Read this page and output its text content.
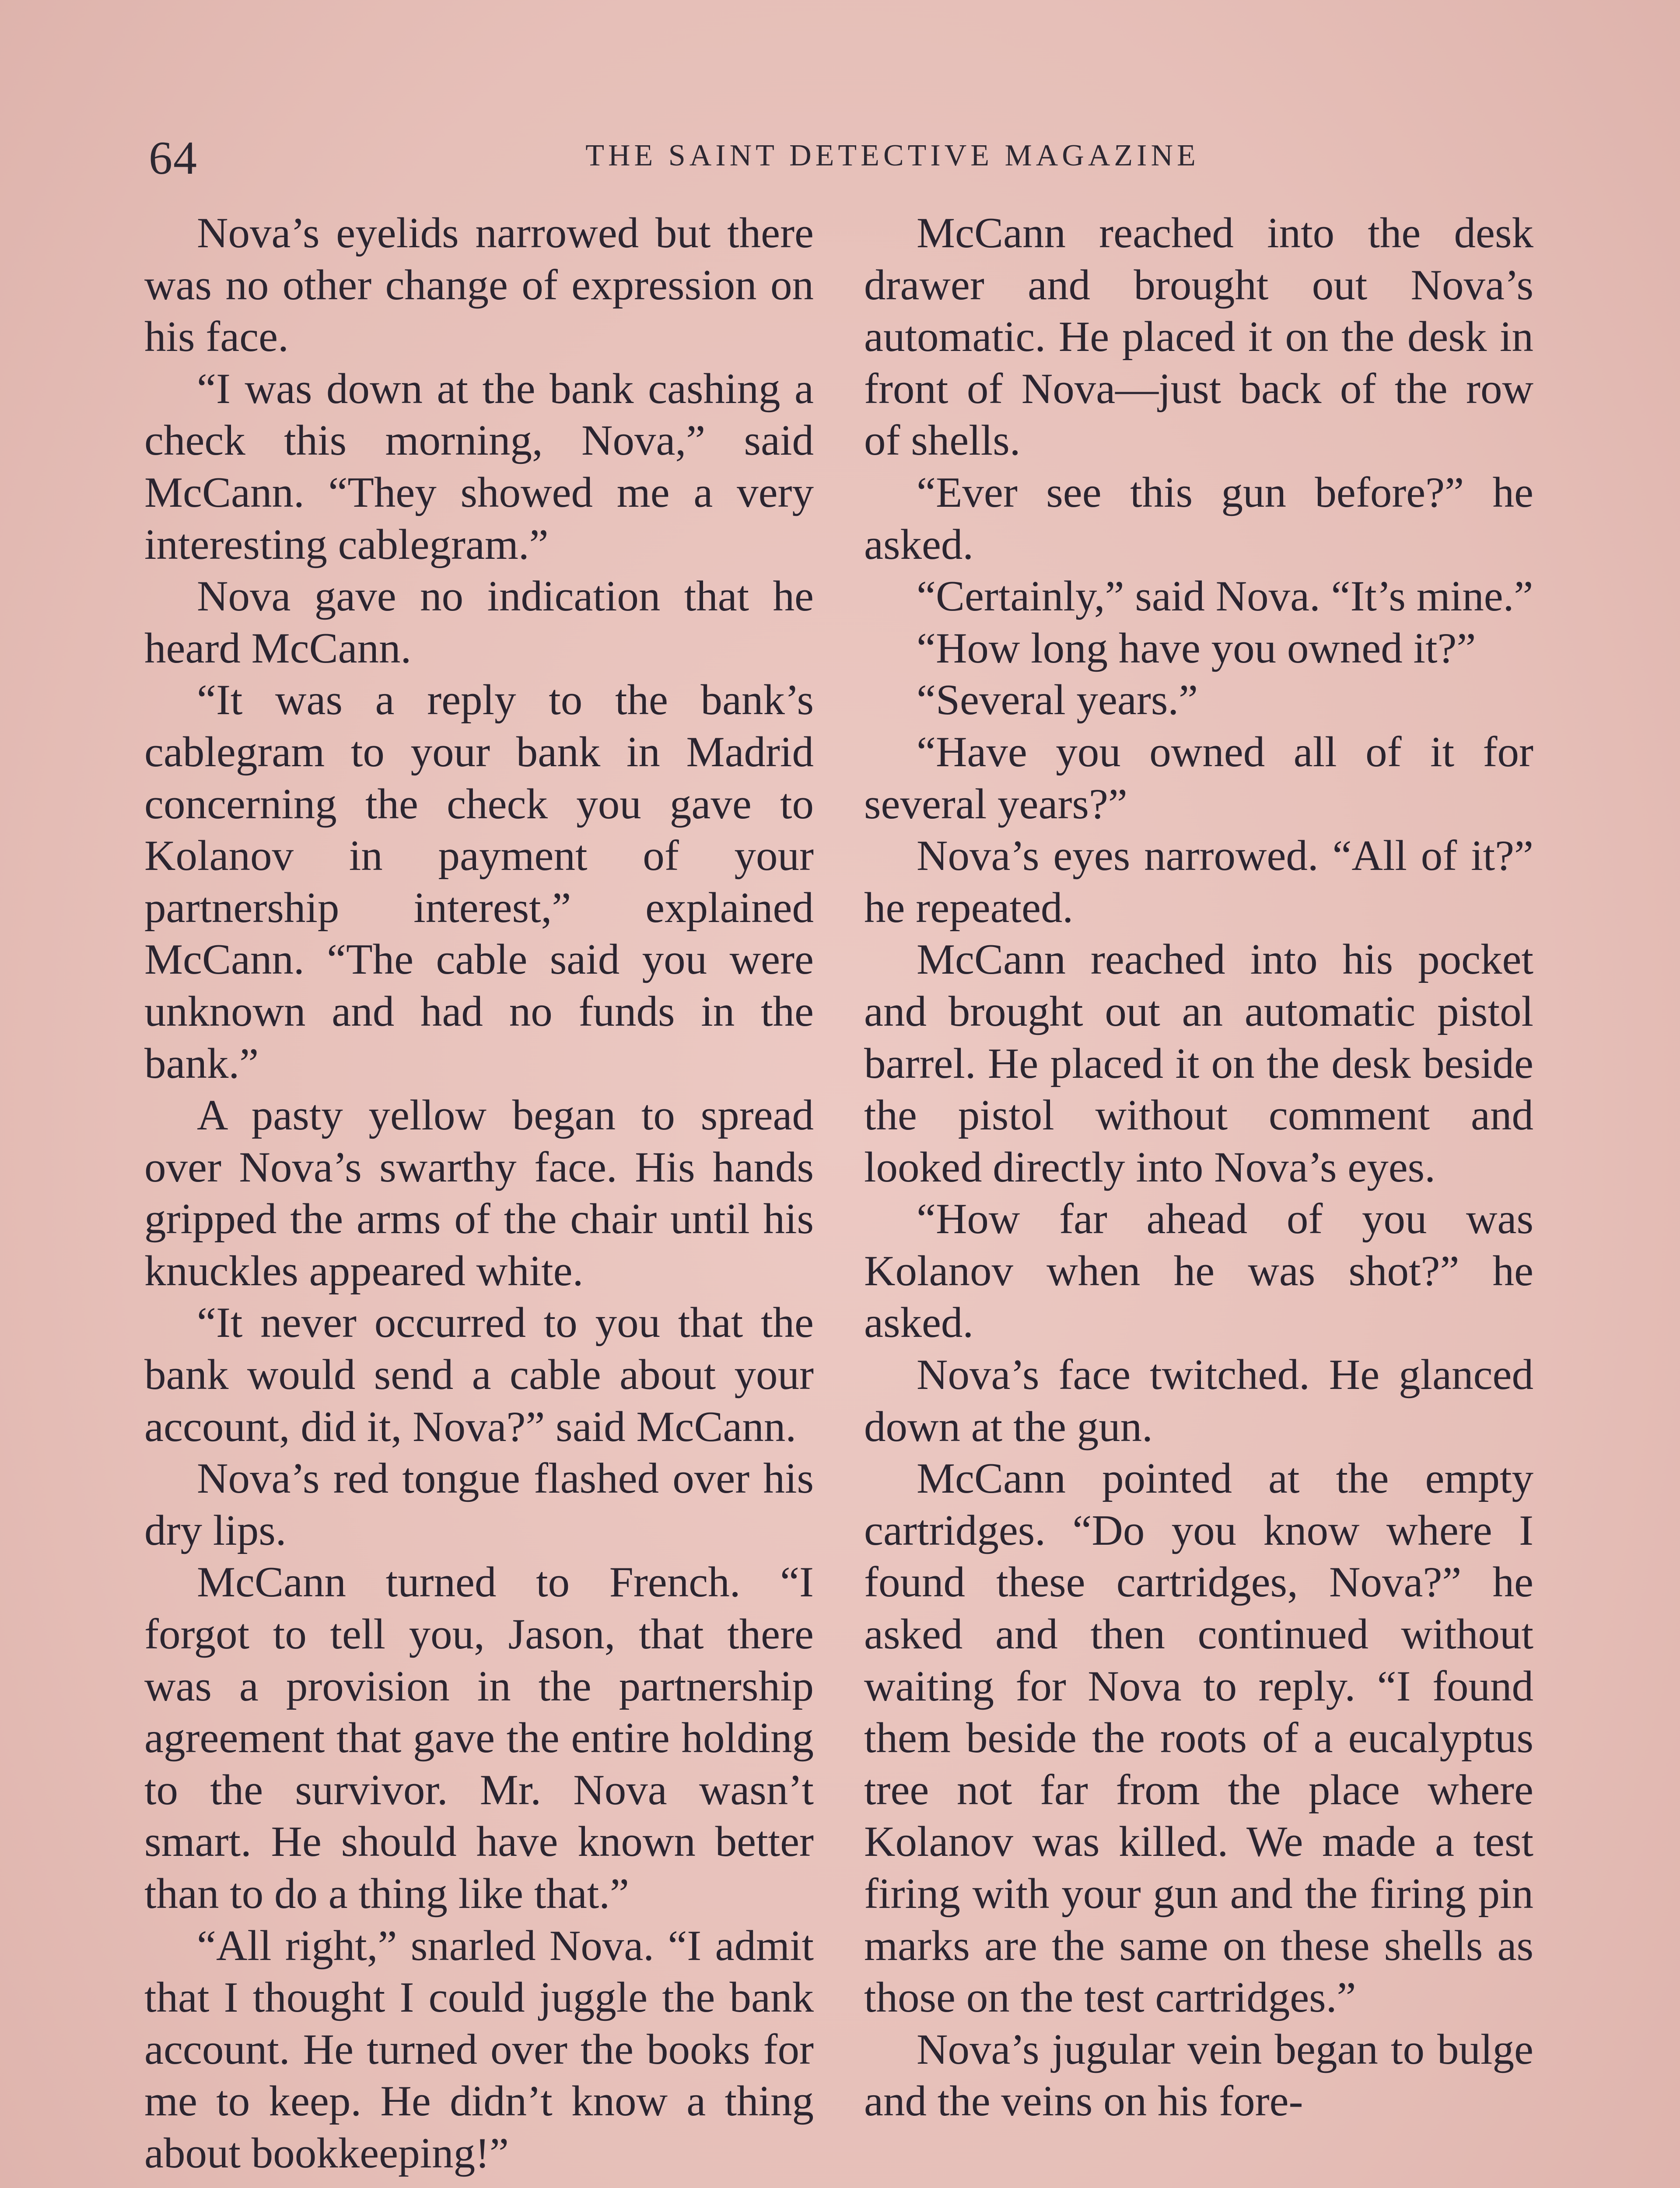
64	THE SAINT DETECTIVE MAGAZINE

Nova’s eyelids narrowed but there was no other change of expression on his face.

“I was down at the bank cashing a check this morning, Nova,” said McCann. “They showed me a very interesting cablegram.”

Nova gave no indication that he heard McCann.

“It was a reply to the bank’s cablegram to your bank in Madrid concerning the check you gave to Kolanov in payment of your partnership interest,” explained McCann. “The cable said you were unknown and had no funds in the bank.”

A pasty yellow began to spread over Nova’s swarthy face. His hands gripped the arms of the chair until his knuckles appeared white.

“It never occurred to you that the bank would send a cable about your account, did it, Nova?” said McCann.

Nova’s red tongue flashed over his dry lips.

McCann turned to French. “I forgot to tell you, Jason, that there was a provision in the partnership agreement that gave the entire holding to the survivor. Mr. Nova wasn’t smart. He should have known better than to do a thing like that.”

“All right,” snarled Nova. “I admit that I thought I could juggle the bank account. He turned over the books for me to keep. He didn’t know a thing about bookkeeping!”

McCann reached into the desk drawer and brought out Nova’s automatic. He placed it on the desk in front of Nova—just back of the row of shells.

“Ever see this gun before?” he asked.

“Certainly,” said Nova. “It’s mine.”

“How long have you owned it?”

“Several years.”

“Have you owned all of it for several years?”

Nova’s eyes narrowed. “All of it?” he repeated.

McCann reached into his pocket and brought out an automatic pistol barrel. He placed it on the desk beside the pistol without comment and looked directly into Nova’s eyes.

“How far ahead of you was Kolanov when he was shot?” he asked.

Nova’s face twitched. He glanced down at the gun.

McCann pointed at the empty cartridges. “Do you know where I found these cartridges, Nova?” he asked and then continued without waiting for Nova to reply. “I found them beside the roots of a eucalyptus tree not far from the place where Kolanov was killed. We made a test firing with your gun and the firing pin marks are the same on these shells as those on the test cartridges.”

Nova’s jugular vein began to bulge and the veins on his fore-
